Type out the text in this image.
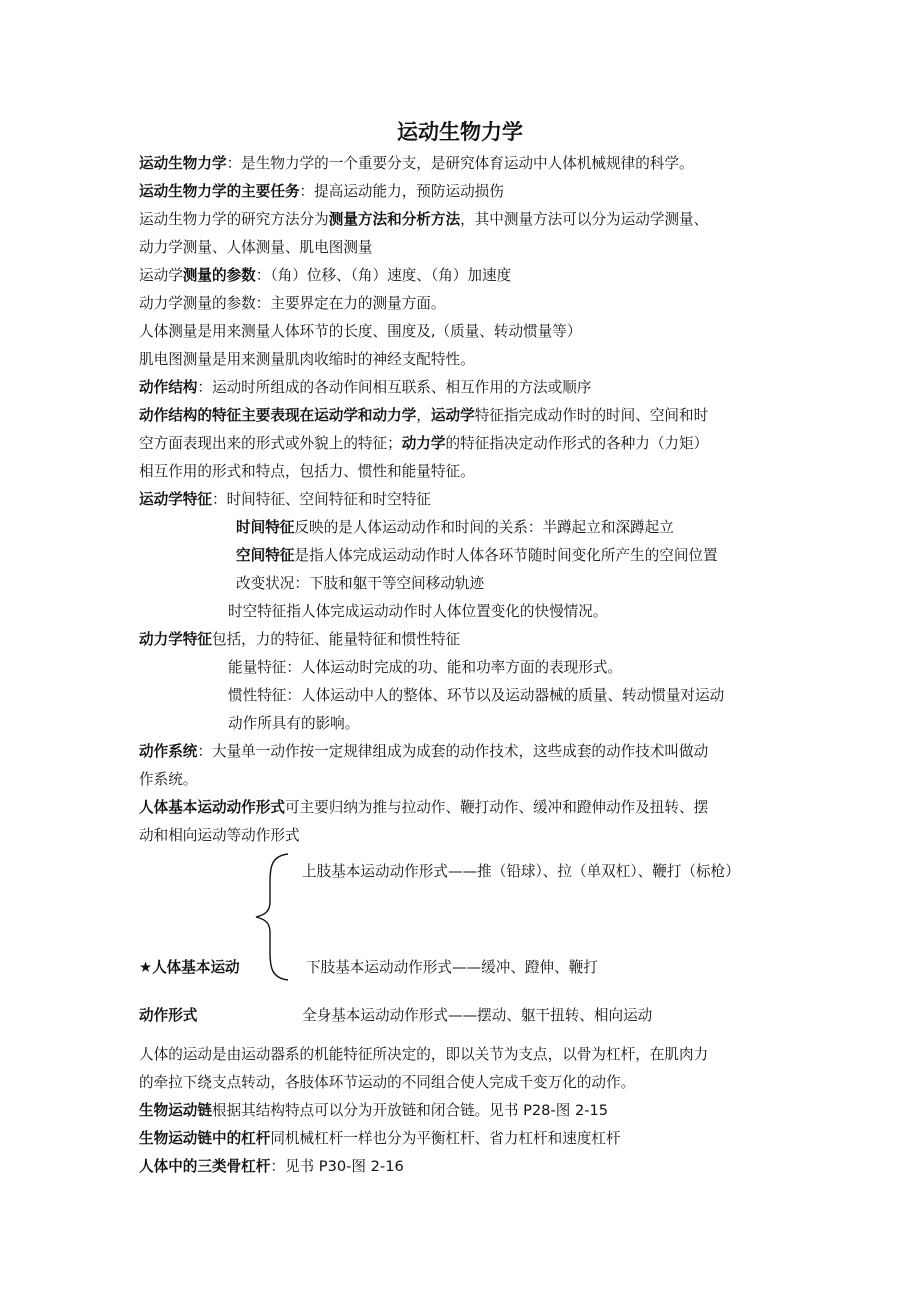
运动生物力学
运动生物力学：是生物力学的一个重要分支，是研究体育运动中人体机械规律的科学。
运动生物力学的主要任务：提高运动能力，预防运动损伤
运动生物力学的研究方法分为测量方法和分析方法，其中测量方法可以分为运动学测量、
动力学测量、人体测量、肌电图测量
运动学测量的参数：（角）位移、（角）速度、（角）加速度
动力学测量的参数：主要界定在力的测量方面。
人体测量是用来测量人体环节的长度、围度及,（质量、转动惯量等）
肌电图测量是用来测量肌肉收缩时的神经支配特性。
动作结构：运动时所组成的各动作间相互联系、相互作用的方法或顺序
动作结构的特征主要表现在运动学和动力学，运动学特征指完成动作时的时间、空间和时
空方面表现出来的形式或外貌上的特征；动力学的特征指决定动作形式的各种力（力矩）
相互作用的形式和特点，包括力、惯性和能量特征。
运动学特征：时间特征、空间特征和时空特征
时间特征反映的是人体运动动作和时间的关系：半蹲起立和深蹲起立
空间特征是指人体完成运动动作时人体各环节随时间变化所产生的空间位置
改变状况：下肢和躯干等空间移动轨迹
时空特征指人体完成运动动作时人体位置变化的快慢情况。
动力学特征包括，力的特征、能量特征和惯性特征
能量特征：人体运动时完成的功、能和功率方面的表现形式。
惯性特征：人体运动中人的整体、环节以及运动器械的质量、转动惯量对运动
动作所具有的影响。
动作系统：大量单一动作按一定规律组成为成套的动作技术，这些成套的动作技术叫做动
作系统。
人体基本运动动作形式可主要归纳为推与拉动作、鞭打动作、缓冲和蹬伸动作及扭转、摆
动和相向运动等动作形式
上肢基本运动动作形式——推（铅球）、拉（单双杠）、鞭打（标枪）
★人体基本运动	下肢基本运动动作形式——缓冲、蹬伸、鞭打
动作形式	全身基本运动动作形式——摆动、躯干扭转、相向运动
人体的运动是由运动器系的机能特征所决定的，即以关节为支点，以骨为杠杆，在肌肉力
的牵拉下绕支点转动，各肢体环节运动的不同组合使人完成千变万化的动作。
生物运动链根据其结构特点可以分为开放链和闭合链。见书 P28-图 2-15
生物运动链中的杠杆同机械杠杆一样也分为平衡杠杆、省力杠杆和速度杠杆
人体中的三类骨杠杆：见书 P30-图 2-16
